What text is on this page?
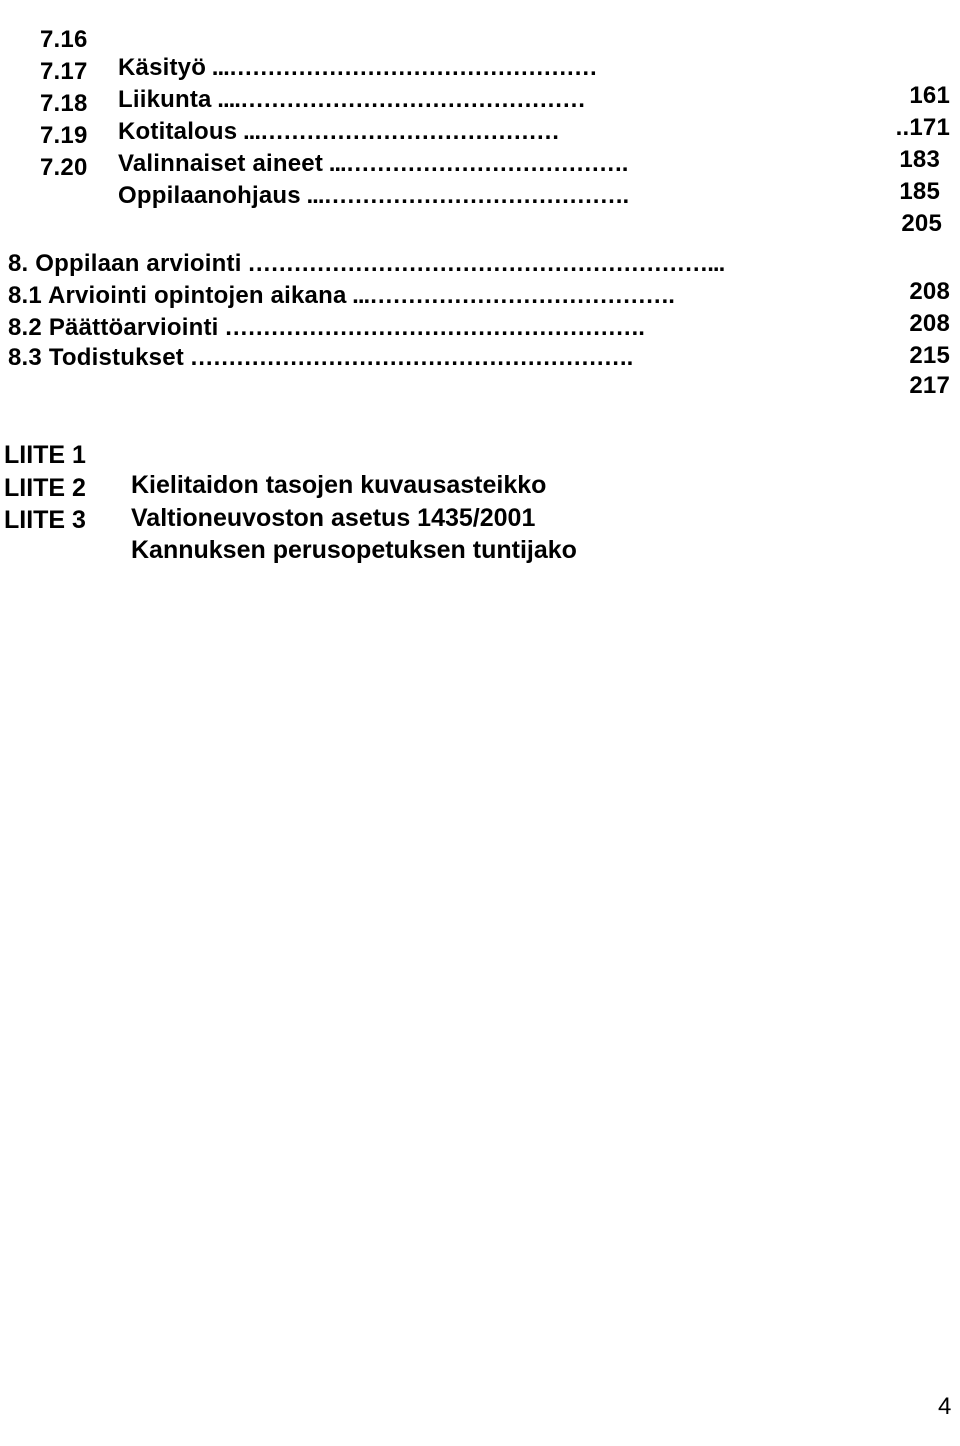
7.16

Käsityö ...…………………………………………

161

7.17

Liikunta ....………………………………………

..171

7.18

Kotitalous ...…………………………………

183

7.19

Valinnaiset aineet ...……………………………….

185

7.20

Oppilaanohjaus ...………………………………….

205

8. Oppilaan arviointi ……………………………………………………...

208

8.1 Arviointi opintojen aikana ...………………………………….

208

8.2 Päättöarviointi ……………………………………………….

215

8.3 Todistukset ………………………………………………….

217

LIITE 1

Kielitaidon tasojen kuvausasteikko

LIITE 2

Valtioneuvoston asetus 1435/2001

LIITE 3

Kannuksen perusopetuksen tuntijako

4
